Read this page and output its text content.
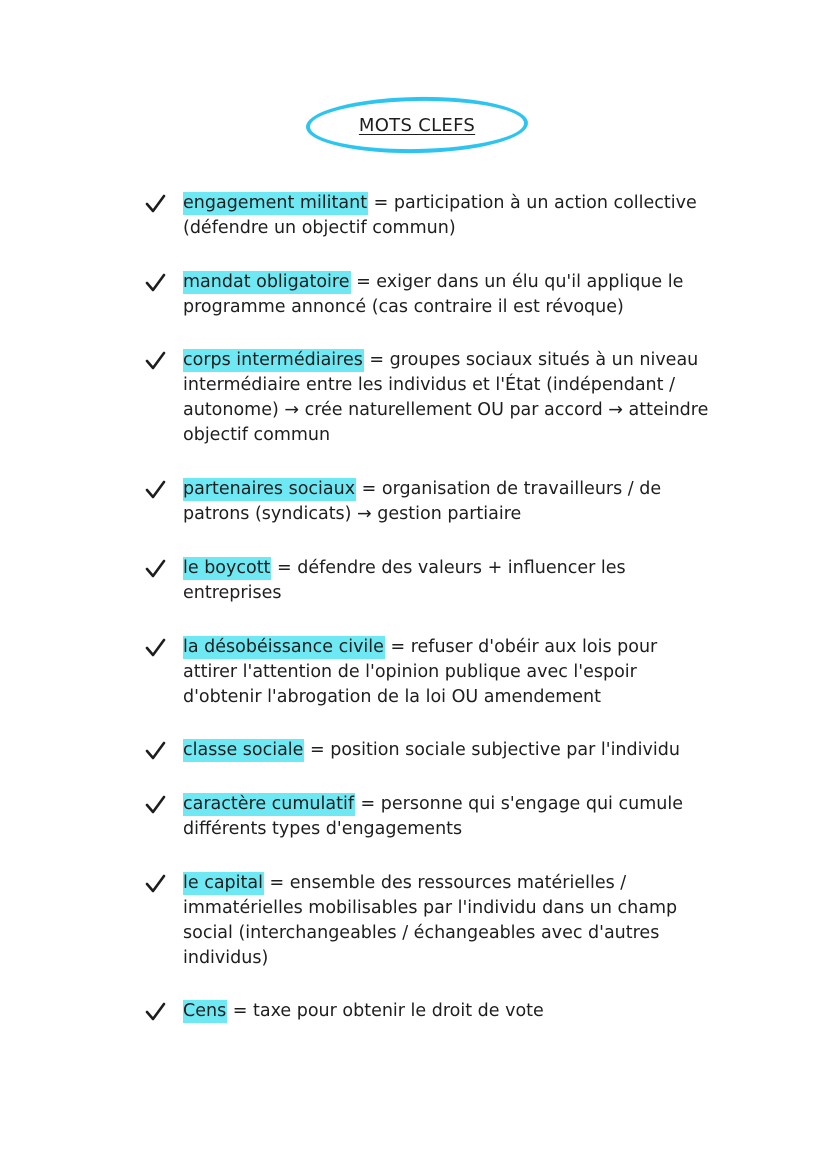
MOTS CLEFS
engagement militant = participation à un action collective (défendre un objectif commun)
mandat obligatoire = exiger dans un élu qu'il applique le programme annoncé (cas contraire il est révoque)
corps intermédiaires = groupes sociaux situés à un niveau intermédiaire entre les individus et l'État (indépendant / autonome) → crée naturellement OU par accord → atteindre objectif commun
partenaires sociaux = organisation de travailleurs / de patrons (syndicats) → gestion partiaire
le boycott = défendre des valeurs + influencer les entreprises
la désobéissance civile = refuser d'obéir aux lois pour attirer l'attention de l'opinion publique avec l'espoir d'obtenir l'abrogation de la loi OU amendement
classe sociale = position sociale subjective par l'individu
caractère cumulatif = personne qui s'engage qui cumule différents types d'engagements
le capital = ensemble des ressources matérielles / immatérielles mobilisables par l'individu dans un champ social (interchangeables / échangeables avec d'autres individus)
Cens = taxe pour obtenir le droit de vote
